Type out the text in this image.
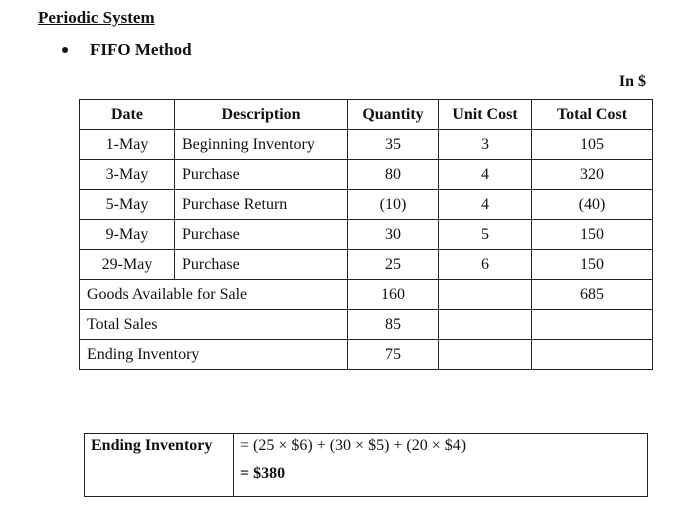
Periodic System
FIFO Method
In $
Date	Description	Quantity	Unit Cost	Total Cost
1-May	Beginning Inventory	35	3	105
3-May	Purchase	80	4	320
5-May	Purchase Return	(10)	4	(40)
9-May	Purchase	30	5	150
29-May	Purchase	25	6	150
Goods Available for Sale		160		685
Total Sales		85		
Ending Inventory		75		
Ending Inventory	= (25 × $6) + (30 × $5) + (20 × $4)
= $380
